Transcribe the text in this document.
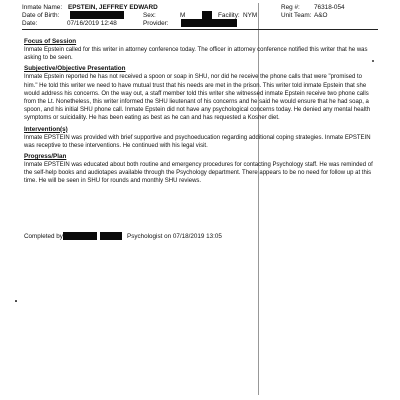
Inmate Name: EPSTEIN, JEFFREY EDWARD	Reg #: 76318-054
Date of Birth:	Sex:	M	Facility: NYM	Unit Team: A&O
Date:	07/16/2019 12:48	Provider:
Focus of Session
Inmate Epstein called for this writer in attorney conference today. The officer in attorney conference notified this writer that he was asking to be seen.
Subjective/Objective Presentation
Inmate Epstein reported he has not received a spoon or soap in SHU, nor did he receive the phone calls that were "promised to him." He told this writer we need to have mutual trust that his needs are met in the prison. This writer told inmate Epstein that she would address his concerns. On the way out, a staff member told this writer she witnessed inmate Epstein receive two phone calls from the Lt. Nonetheless, this writer informed the SHU lieutenant of his concerns and he said he would ensure that he had soap, a spoon, and his initial SHU phone call. Inmate Epstein did not have any psychological concerns today. He denied any mental health symptoms or suicidality. He has been eating as best as he can and has requested a Kosher diet.
Intervention(s)
Inmate EPSTEIN was provided with brief supportive and psychoeducation regarding additional coping strategies. Inmate EPSTEIN was receptive to these interventions. He continued with his legal visit.
Progress/Plan
Inmate EPSTEIN was educated about both routine and emergency procedures for contacting Psychology staff. He was reminded of the self-help books and audiotapes available through the Psychology department. There appears to be no need for follow up at this time. He will be seen in SHU for rounds and monthly SHU reviews.
Completed by	Psychologist on 07/18/2019 13:05
